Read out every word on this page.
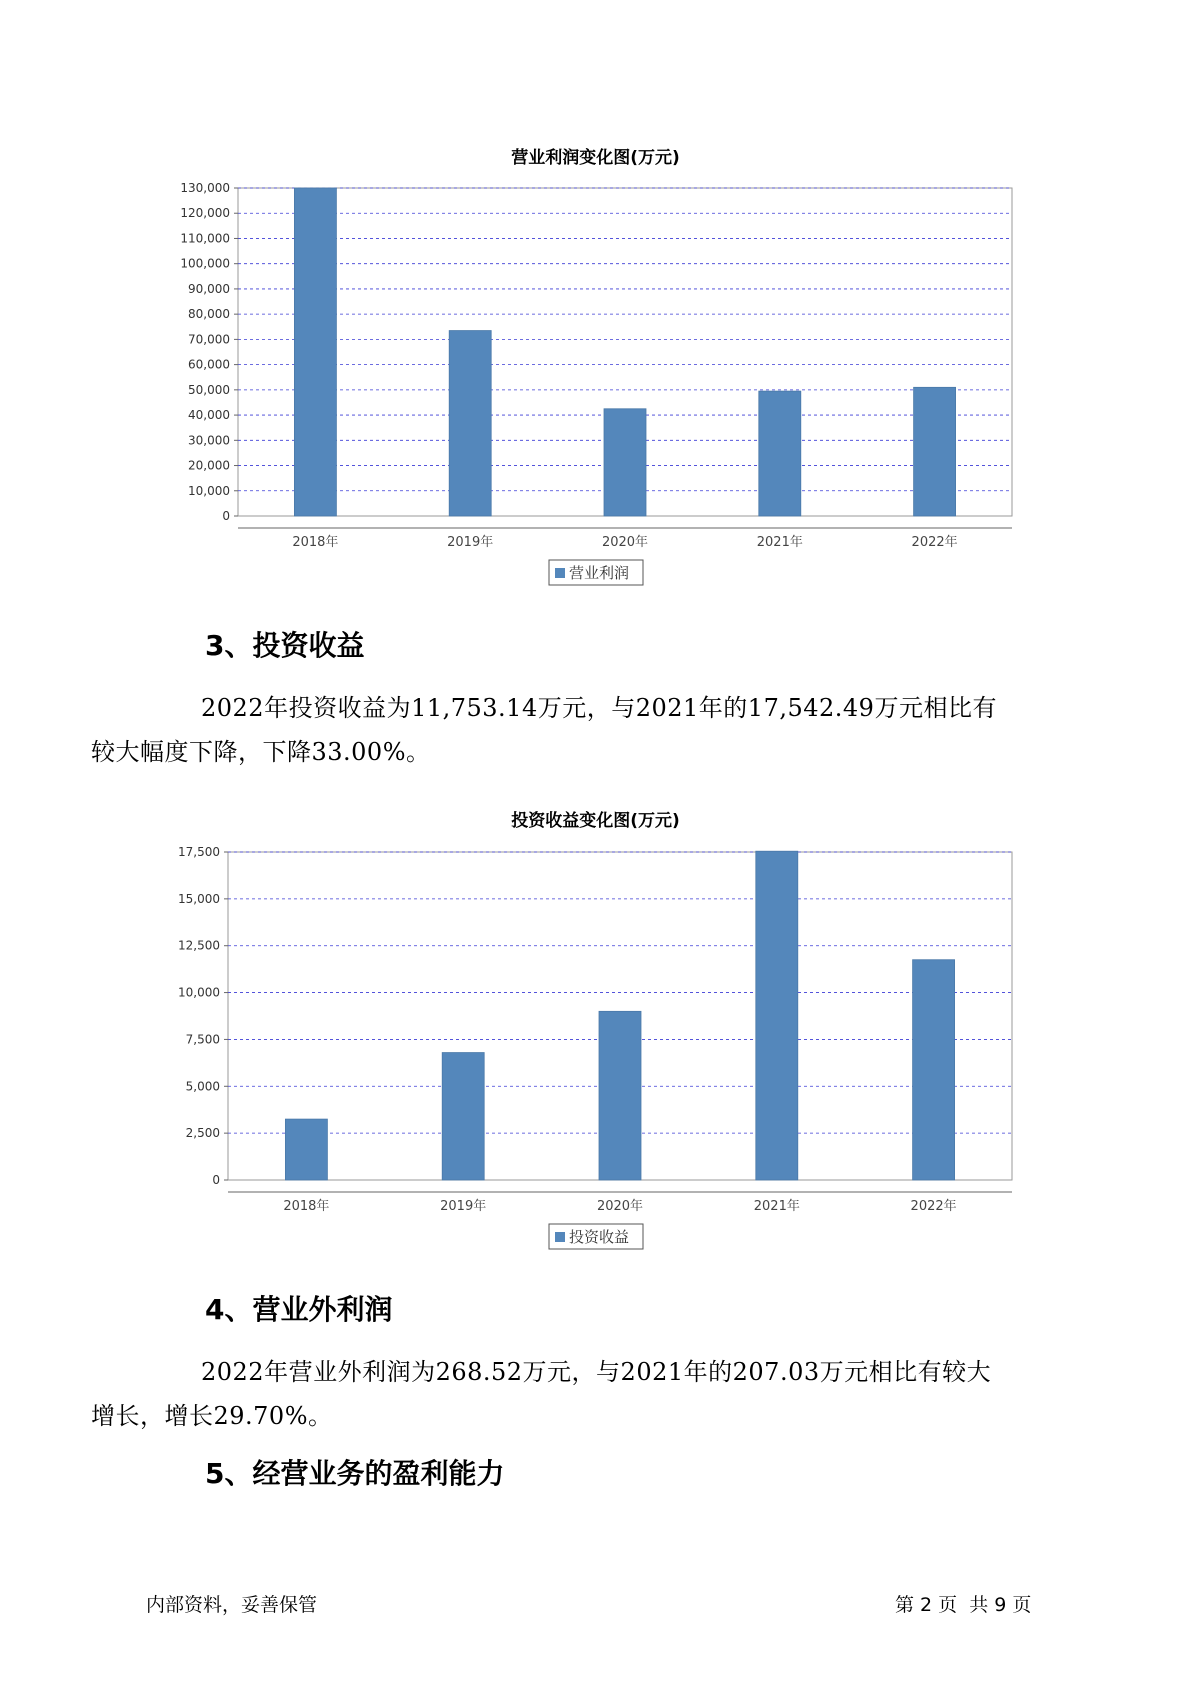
营业利润变化图(万元)
0
10,000
20,000
30,000
40,000
50,000
60,000
70,000
80,000
90,000
100,000
110,000
120,000
130,000
2018年	2019年	2020年	2021年	2022年
营业利润
3、投资收益
2022年投资收益为11,753.14万元，与2021年的17,542.49万元相比有
较大幅度下降，下降33.00%。
投资收益变化图(万元)
0
2,500
5,000
7,500
10,000
12,500
15,000
17,500
2018年	2019年	2020年	2021年	2022年
投资收益
4、营业外利润
2022年营业外利润为268.52万元，与2021年的207.03万元相比有较大
增长，增长29.70%。
5、经营业务的盈利能力
内部资料，妥善保管	第 2 页  共 9 页
